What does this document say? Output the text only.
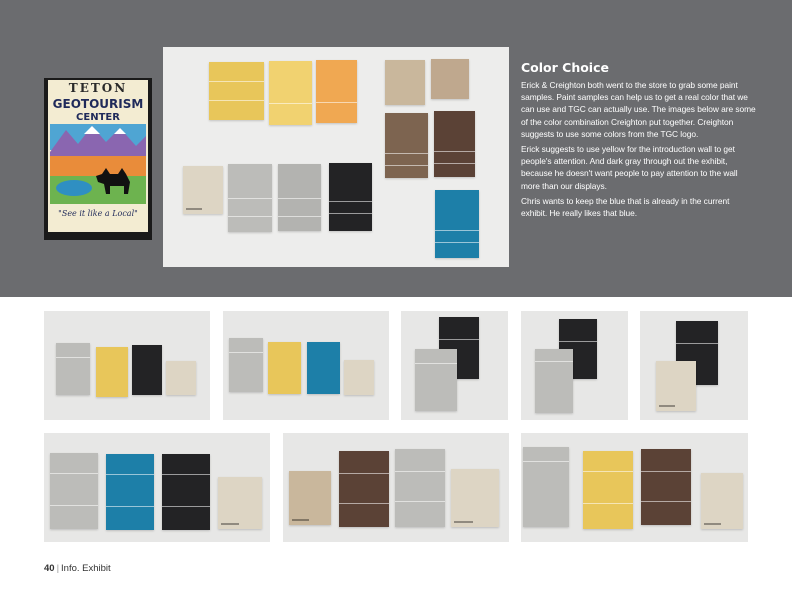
TETON
GEOTOURISM
CENTER
"See it like a Local"
Color Choice

Erick & Creighton both went to the store to grab some paint samples. Paint samples can help us to get a real color that we can use and TGC can actually use. The images below are some of the color combination Creighton put together. Creighton suggests to use some colors from the TGC logo.

Erick suggests to use yellow for the introduction wall to get people's attention. And dark gray through out the exhibit, because he doesn't want people to pay attention to the wall more than our displays.

Chris wants to keep the blue that is already in the current exhibit. He really likes that blue.

40 | Info. Exhibit
